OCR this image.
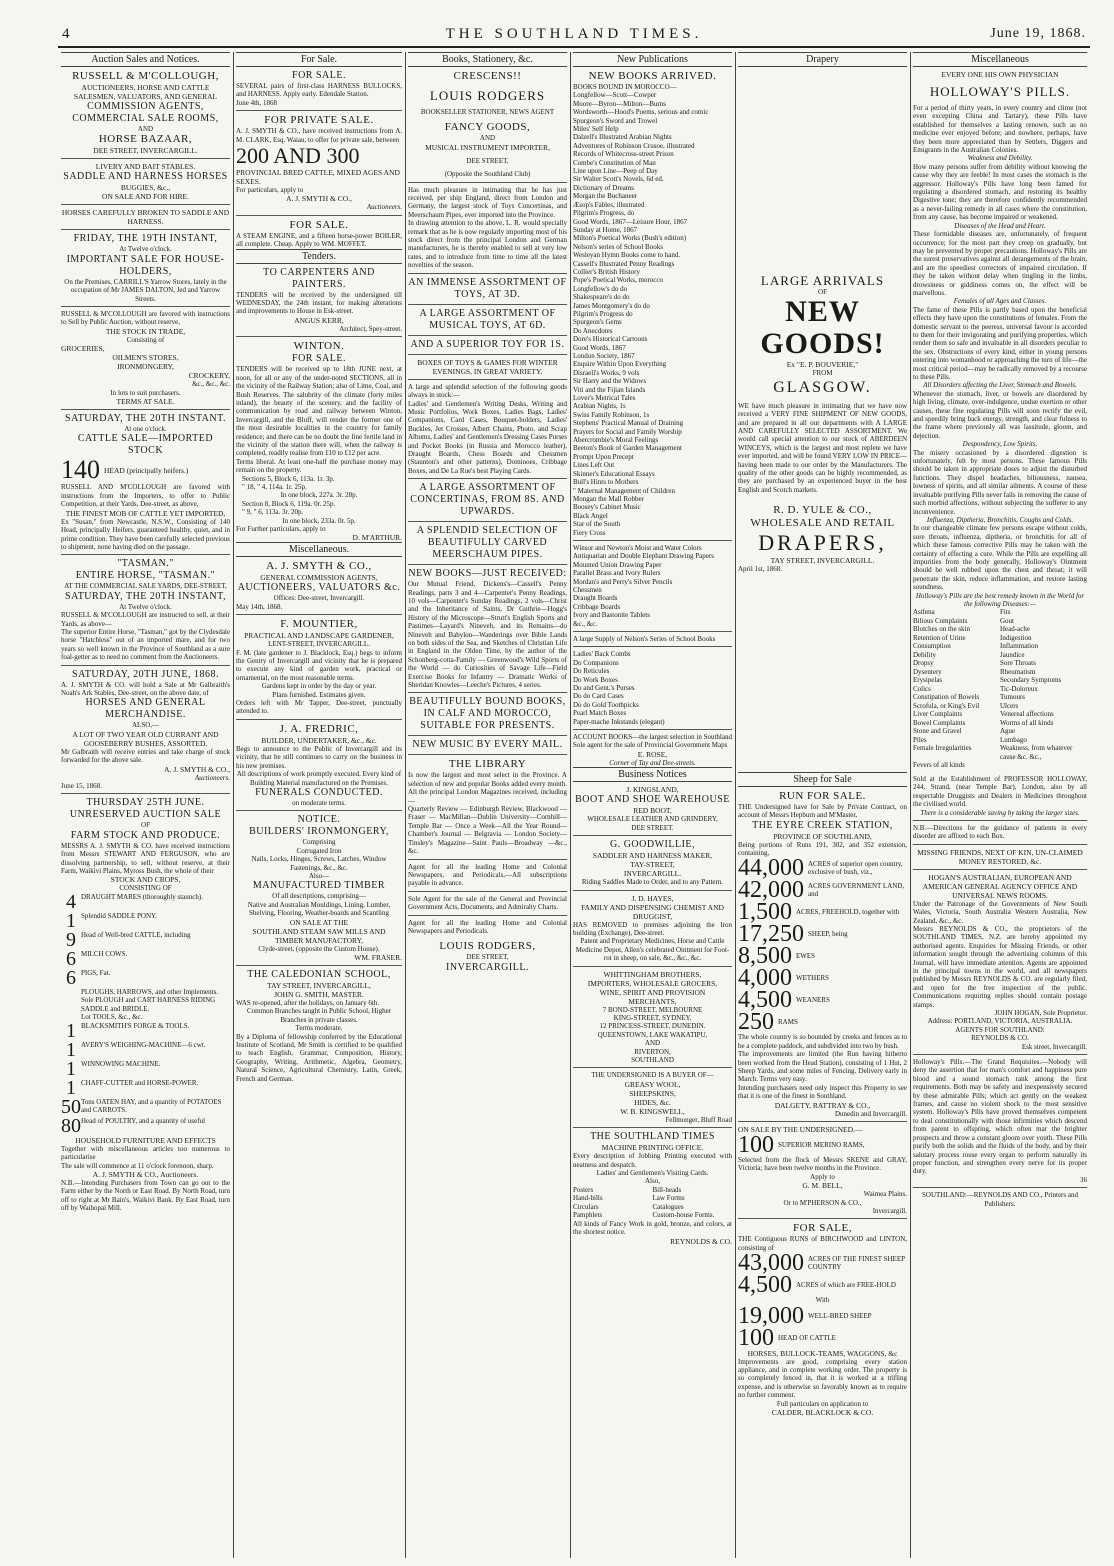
4	THE SOUTHLAND TIMES.	June 19, 1868.
Auction Sales and Notices.
RUSSELL & M'COLLOUGH,

AUCTIONEERS, HORSE AND CATTLE SALESMEN, VALUATORS, AND GENERAL

COMMISSION AGENTS,
COMMERCIAL SALE ROOMS,

AND

HORSE BAZAAR,

DEE STREET, INVERCARGILL.

LIVERY AND BAIT STABLES.

SADDLE AND HARNESS HORSES

BUGGIES, &c.,

ON SALE AND FOR HIRE.

HORSES CAREFULLY BROKEN TO SADDLE AND HARNESS.

FRIDAY, THE 19TH INSTANT,

At Twelve o'clock.

IMPORTANT SALE FOR HOUSE-HOLDERS,

On the Premises, CARRILL'S Yarrow Stores, lately in the occupation of Mr JAMES DALTON, Jed and Yarrow Streets.

RUSSELL & M'COLLOUGH are favored with instructions to Sell by Public Auction, without reserve,

THE STOCK IN TRADE,

Consisting of

GROCERIES,

OILMEN'S STORES,

IRONMONGERY,

CROCKERY,

&c., &c., &c.

In lots to suit purchasers.

TERMS AT SALE.

SATURDAY, THE 20TH INSTANT.

At one o'clock.

CATTLE SALE—IMPORTED STOCK
140 HEAD (principally heifers.)

RUSSELL AND M'COLLOUGH are favored with instructions from the Importers, to offer to Public Competition, at their Yards, Dee-street, as above,

THE FINEST MOB OF CATTLE YET IMPORTED,

Ex "Susan," from Newcastle, N.S.W., Consisting of 140 Head, principally Heifers, guaranteed healthy, quiet, and in prime condition. They have been carefully selected previous to shipment, none having died on the passage.

"TASMAN."
ENTIRE HORSE, "TASMAN."

AT THE COMMERCIAL SALE YARDS, DEE-STREET,

SATURDAY, THE 20TH INSTANT,

At Twelve o'clock.

RUSSELL & M'COLLOUGH are instructed to sell, at their Yards, as above—

The superior Entire Horse, "Tasman," got by the Clydesdale horse "Hatchless" out of an imported mare, and for two years so well known in the Province of Southland as a sure foal-getter as to need no comment from the Auctioneers.

SATURDAY, 20TH JUNE, 1868.

A. J. SMYTH & CO. will hold a Sale at Mr Galbraith's Noah's Ark Stables, Dee-street, on the above date, of

HORSES AND GENERAL MERCHANDISE.

ALSO,—

A LOT OF TWO YEAR OLD CURRANT AND GOOSEBERRY BUSHES, ASSORTED.

Mr Galbraith will receive entries and take charge of stock forwarded for the above sale.

A. J. SMYTH & CO.,

Auctioneers.

June 15, 1868.

THURSDAY 25TH JUNE.
UNRESERVED AUCTION SALE

OF

FARM STOCK AND PRODUCE.

MESSRS A. J. SMYTH & CO. have received instructions from Messrs STEWART AND FERGUSON, who are dissolving partnership, to sell, without reserve, at their Farm, Waikivi Plains, Myross Bush, the whole of their

STOCK AND CROPS,

CONSISTING OF

4 DRAUGHT MARES (thoroughly staunch).
1 Splendid SADDLE PONY.
9 Head of Well-bred CATTLE, including
6 MILCH COWS.
6 PIGS, Fat.
PLOUGHS, HARROWS, and other Implements.
Sole PLOUGH and CART HARNESS RIDING SADDLE and BRIDLE.
Lot TOOLS, &c., &c.
1 BLACKSMITH'S FORGE & TOOLS.
1 AVERY'S WEIGHING-MACHINE—6 cwt.
1 WINNOWING MACHINE.
1 CHAFF-CUTTER and HORSE-POWER.
50 Tons OATEN HAY, and a quantity of POTATOES and CARROTS.
80 Head of POULTRY, and a quantity of useful

HOUSEHOLD FURNITURE AND EFFECTS

Together with miscellaneous articles too numerous to particularise

The sale will commence at 11 o'clock forenoon, sharp.

A. J. SMYTH & CO., Auctioneers.

N.B.—Intending Purchasers from Town can go out to the Farm either by the North or East Road. By North Road, turn off to right at Mr Bain's, Waikivi Bank. By East Road, turn off by Waihopai Mill.

For Sale.
FOR SALE.

SEVERAL pairs of first-class HARNESS BULLOCKS, and HARNESS. Apply early. Edendale Station.

June 4th, 1868

FOR PRIVATE SALE.

A. J. SMYTH & CO., have received instructions from A. M. CLARK, Esq. Waiau, to offer for private sale, between

200 AND 300

PROVINCIAL BRED CATTLE, MIXED AGES AND SEXES.

For particulars, apply to

A. J. SMYTH & CO.,

Auctioneers.

FOR SALE.

A STEAM ENGINE, and a fifteen horse-power BOILER, all complete. Cheap. Apply to WM. MOFFET.

Tenders.
TO CARPENTERS AND PAINTERS.

TENDERS will be received by the undersigned till WEDNESDAY, the 24th instant, for making alterations and improvements to House in Esk-street.

ANGUS KERR,

Architect, Spey-street.

WINTON.
FOR SALE.

TENDERS will be received up to 18th JUNE next, at noon, for all or any of the under-noted SECTIONS, all in the vicinity of the Railway Station; also of Lime, Coal, and Bush Reserves. The salubrity of the climate (forty miles inland), the beauty of the scenery, and the facility of communication by road and railway between Winton, Invercargill, and the Bluff, will render the former one of the most desirable localities in the country for family residence; and there can be no doubt the fine fertile land in the vicinity of the station there will, when the railway is completed, readily realise from £10 to £12 per acre.

Terms liberal. At least one-half the purchase money may remain on the property.

Sections 5, Block 6, 113a. 1r. 3p.

" 18, " 4, 114a. 1r. 25p.

In one block, 227a. 3r. 28p.

Section 8, Block 6, 119a. 0r. 25p.

" 9, " 6, 113a. 3r. 20p.

In one block, 233a. 0r. 5p.

For Further particulars, apply to

D. M'ARTHUR.

Miscellaneous.
A. J. SMYTH & CO.,

GENERAL COMMISSION AGENTS,

AUCTIONEERS, VALUATORS &c.

Offices: Dee-street, Invercargill.

May 14th, 1868.

F. MOUNTIER,

PRACTICAL AND LANDSCAPE GARDENER,

LENT-STREET, INVERCARGILL.

F. M. (late gardener to J. Blacklock, Esq.) begs to inform the Gentry of Invercargill and vicinity that he is prepared to execute any kind of garden work, practical or ornamental, on the most reasonable terms.

Gardens kept in order by the day or year.

Plans furnished. Estimates given.

Orders left with Mr Tapper, Dee-street, punctually attended to.

J. A. FREDRIC,

BUILDER, UNDERTAKER, &c., &c.

Begs to announce to the Public of Invercargill and its vicinity, that he still continues to carry on the business in his new premises.

All descriptions of work promptly executed. Every kind of Building Material manufactured on the Premises.

FUNERALS CONDUCTED.

on moderate terms.

NOTICE.
BUILDERS' IRONMONGERY,

Comprising

Corrugated Iron

Nails, Locks, Hinges, Screws, Latches, Window Fastenings, &c., &c.

Also—

MANUFACTURED TIMBER

Of all descriptions, comprising—

Native and Australian Mouldings, Lining, Lumber, Shelving, Flooring, Weather-boards and Scantling

ON SALE AT THE

SOUTHLAND STEAM SAW MILLS AND

TIMBER MANUFACTORY,

Clyde-street, (opposite the Custom House).

WM. FRASER.

THE CALEDONIAN SCHOOL,

TAY STREET, INVERCARGILL,

JOHN G. SMITH, MASTER.

WAS re-opened, after the holidays, on January 6th.

Common Branches taught in Public School, Higher Branches in private classes.

Terms moderate.

By a Diploma of fellowship conferred by the Educational Institute of Scotland, Mr Smith is certified to be qualified to teach English, Grammar, Composition, History, Geography, Writing, Arithmetic, Algebra, Geometry, Natural Science, Agricultural Chemistry, Latin, Greek, French and German.

Books, Stationery, &c.
CRESCENS!!
LOUIS RODGERS

BOOKSELLER STATIONER, NEWS AGENT

FANCY GOODS,

AND

MUSICAL INSTRUMENT IMPORTER,

DEE STREET,

(Opposite the Southland Club)

Has much pleasure in intimating that he has just received, per ship England, direct from London and Germany, the largest stock of Toys Concertinas, and Meerschaum Pipes, ever imported into the Province.

In drawing attention to the above, L. R. would specially remark that as he is now regularly importing most of his stock direct from the principal London and German manufacturers, he is thereby enabled to sell at very low rates, and to introduce from time to time all the latest novelties of the season.

AN IMMENSE ASSORTMENT OF TOYS, AT 3D.
A LARGE ASSORTMENT OF MUSICAL TOYS, AT 6D.
AND A SUPERIOR TOY FOR 1S.

BOXES OF TOYS & GAMES FOR WINTER EVENINGS, IN GREAT VARIETY.

A large and splendid selection of the following goods always in stock:—

Ladies' and Gentlemen's Writing Desks, Writing and Music Portfolios, Work Boxes, Ladies Bags, Ladies' Companions, Card Cases, Bouquet-holders, Ladies' Buckles, Jet Crosses, Albert Chains, Photo. and Scrap Albums, Ladies' and Gentlemen's Dressing Cases Purses and Pocket Books (in Russia and Morocco leather), Draught Boards, Chess Boards and Chessmen (Staunton's and other patterns), Dominoes, Cribbage Boxes, and De La Rue's best Playing Cards.

A LARGE ASSORTMENT OF CONCERTINAS, FROM 8S. AND UPWARDS.
A SPLENDID SELECTION OF BEAUTIFULLY CARVED MEERSCHAUM PIPES.
NEW BOOKS—JUST RECEIVED:

Our Mutual Friend, Dickens's—Cassell's Penny Readings, parts 3 and 4—Carpenter's Penny Readings, 10 vols—Carpenter's Sunday Readings, 2 vols—Christ and the Inheritance of Saints, Dr Guthrie—Hogg's History of the Microscope—Strutt's English Sports and Pastimes—Layard's Nineveh, and its Remains—do Nineveh and Babylon—Wanderings over Bible Lands on both sides of the Sea, and Sketches of Christian Life in England in the Olden Time, by the author of the Schonberg-cotta-Family — Greenwood's Wild Sports of the World — do Curiosities of Savage Life—Field Exercise Books for Infantry — Dramatic Works of Sheridan Knowles—Leeche's Pictures, 4 series.

BEAUTIFULLY BOUND BOOKS, IN CALF AND MOROCCO, SUITABLE FOR PRESENTS.
NEW MUSIC BY EVERY MAIL.
THE LIBRARY

Is now the largest and most select in the Province. A selection of new and popular Books added every month. All the principal London Magazines received, including—

Quarterly Review — Edinburgh Review, Blackwood — Fraser — MacMillan—Dublin University—Cornhill—Temple Bar — Once a Week—All the Year Round—Chamber's Journal — Belgravia — London Society—Tinsley's Magazine—Saint Pauls—Broadway —&c., &c.

Agent for all the leading Home and Colonial Newspapers, and Periodicals,—All subscriptions payable in advance.

Sole Agent for the sale of the General and Provincial Government Acts, Documents, and Admiralty Charts.

Agent for all the leading Home and Colonial Newspapers and Periodicals.

LOUIS RODGERS,

DEE STREET,

INVERCARGILL.
New Publications
NEW BOOKS ARRIVED.

BOOKS BOUND IN MOROCCO—

Longfellow—Scott—Cowper

Moore—Byron—Milton—Burns

Wordsworth—Hood's Poems, serious and comic

Spurgeon's Sword and Trowel

Miles' Self Help

Dalzell's Illustrated Arabian Nights

Adventures of Robinson Crusoe, illustrated

Records of Whitecross-street Prison

Combe's Constitution of Man

Line upon Line—Peep of Day

Sir Walter Scott's Novels, 6d ed.

Dictionary of Dreams

Morgan the Buchaneer

Æsop's Fables, illustrated

Pilgrim's Progress, do

Good Words, 1867—Leisure Hour, 1867

Sunday at Home, 1867

Milton's Poetical Works (Bush's edition)

Nelson's series of School Books

Wesleyan Hymn Books come to hand.

Cassell's Illustrated Penny Readings

Collier's British History

Pope's Poetical Works, morocco

Longfellow's do do

Shakespeare's do do

James Montgomery's do do

Pilgrim's Progress do

Spurgeon's Gems

Do Anecdotes

Dore's Historical Cartoons

Good Words, 1867

London Society, 1867

Enquire Within Upon Everything

Disraeli's Works, 9 vols

Sir Harry and the Widows

Viti and the Fijian Islands

Lover's Metrical Tales

Arabian Nights, 1s

Swiss Family Robinson, 1s

Stephens' Practical Manual of Draining

Prayers for Social and Family Worship

Abercrombie's Moral Feelings

Beeton's Book of Garden Management

Prompt Upon Precept

Lines Left Out

Skinner's Educational Essays

Bull's Hints to Mothers

" Maternal Management of Children

Mongan the Mall Robber

Boosey's Cabinet Music

Black Angel

Star of the South

Fiery Cross

Winsor and Newton's Moist and Water Colors

Antiquarian and Double Elephant Drawing Papers

Mounted Union Drawing Paper

Parallel Brass and Ivory Rulers

Mordan's and Perry's Silver Pencils

Chessmen

Draught Boards

Cribbage Boards

Ivory and Bastonite Tablets

&c., &c.

A large Supply of Nelson's Series of School Books

Ladies' Back Combs

Do Companions

Do Reticules

Do Work Boxes

Do and Gent.'s Purses

Do do Card Cases

Do do Gold Toothpicks

Pearl Match Boxes

Paper-mache Inkstands (elegant)

ACCOUNT BOOKS—the largest selection in Southland

Sole agent for the sale of Provincial Government Maps

E. ROSE,

Corner of Tay and Dee-streets.

Business Notices

J. KINGSLAND,

BOOT AND SHOE WAREHOUSE

RED BOOT,

WHOLESALE LEATHER AND GRINDERY,

DEE STREET.

G. GOODWILLIE,

SADDLER AND HARNESS MAKER,

TAY-STREET,

INVERCARGILL.

Riding Saddles Made to Order, and to any Pattern.

J. D. HAYES,

FAMILY AND DISPENSING CHEMIST AND DRUGGIST,

HAS REMOVED to premises adjoining the Iron building (Exchange), Dee-street.

Patent and Proprietary Medicines, Horse and Cattle Medicine Depot, Allen's celebrated Ointment for Foot-rot in sheep, on sale, &c., &c., &c.

WHITTINGHAM BROTHERS,

IMPORTERS, WHOLESALE GROCERS,

WINE, SPIRIT AND PROVISION

MERCHANTS,

7 BOND-STREET, MELBOURNE

KING-STREET, SYDNEY.

12 PRINCESS-STREET, DUNEDIN.

QUEENSTOWN, LAKE WAKATIPU,

AND

RIVERTON,

SOUTHLAND

THE UNDERSIGNED IS A BUYER OF—

GREASY WOOL,

SHEEPSKINS,

HIDES, &c.

W. B. KINGSWELL,

Fellmonger, Bluff Road

THE SOUTHLAND TIMES

MACHINE PRINTING OFFICE.

Every description of Jobbing Printing executed with neatness and despatch.

Ladies' and Gentlemen's Visiting Cards.

Also,

Posters	Bill-heads
Hand-bills	Law Forms
Circulars	Catalogues
Pamphlets	Custom-house Forms.

All kinds of Fancy Work in gold, bronze, and colors, at the shortest notice.

REYNOLDS & CO.

Drapery
LARGE ARRIVALS

OF

NEW GOODS!

Ex "E. P. BOUVERIE,"

FROM

GLASGOW.

WE have much pleasure in intimating that we have now received a VERY FINE SHIPMENT OF NEW GOODS, and are prepared in all our departments with A LARGE AND CAREFULLY SELECTED ASSORTMENT. We would call special attention to our stock of ABERDEEN WINCEYS, which is the largest and most replete we have ever imported, and will be found VERY LOW IN PRICE—having been made to our order by the Manufacturers. The quality of the other goods can be highly recommended, as they are purchased by an experienced buyer in the best English and Scotch markets.

R. D. YULE & CO.,
WHOLESALE AND RETAIL
DRAPERS,

TAY STREET, INVERCARGILL.

April 1st, 1868.

Sheep for Sale
RUN FOR SALE.

THE Undersigned have for Sale by Private Contract, on account of Messrs Hepburn and M'Master,

THE EYRE CREEK STATION,

PROVINCE OF SOUTHLAND,

Being portions of Runs 191, 302, and 352 extension, containing,

44,000 ACRES of superior open country, exclusive of bush, viz.,
42,000 ACRES GOVERNMENT LAND, and
1,500 ACRES, FREEHOLD, together with
17,250 SHEEP, being
8,500 EWES
4,000 WETHERS
4,500 WEANERS
250 RAMS

The whole country is so bounded by creeks and fences as to be a complete paddock, and subdivided into two by bush.

The improvements are limited (the Run having hitherto been worked from the Head Station), consisting of 1 Hut, 2 Sheep Yards, and some miles of Fencing. Delivery early in March. Terms very easy.

Intending purchasers need only inspect this Property to see that it is one of the finest in Southland.

DALGETY, RATTRAY & CO.,

Dunedin and Invercargill.

ON SALE BY THE UNDERSIGNED.—

100 SUPERIOR MERINO RAMS,

Selected from the flock of Messrs SKENE and GRAY, Victoria; have been twelve months in the Province.

Apply to

G. M. BELL,

Waimea Plains.

Or to M'PHERSON & CO.,

Invercargill.

FOR SALE,

THE Contiguous RUNS of BIRCHWOOD and LINTON, consisting of

43,000 ACRES OF THE FINEST SHEEP COUNTRY
4,500 ACRES of which are FREE-HOLD

With

19,000 WELL-BRED SHEEP
100 HEAD OF CATTLE

HORSES, BULLOCK-TEAMS, WAGGONS, &c

Improvements are good, comprising every station appliance, and in complete working order. The property is so completely fenced in, that it is worked at a trifling expense, and is otherwise so favorably known as to require no further comment.

Full particulars on application to

CALDER, BLACKLOCK & CO.

Miscellaneous

EVERY ONE HIS OWN PHYSICIAN

HOLLOWAY'S PILLS.

For a period of thirty years, in every country and clime (not even excepting China and Tartary), these Pills have established for themselves a lasting renown, such as no medicine ever enjoyed before; and nowhere, perhaps, have they been more appreciated than by Settlers, Diggers and Emigrants in the Australian Colonies.

Weakness and Debility.

How many persons suffer from debility without knowing the cause why they are feeble! In most cases the stomach is the aggressor. Holloway's Pills have long been famed for regulating a disordered stomach, and restoring its healthy Digestive tone; they are therefore confidently recommended as a never-failing remedy in all cases where the constitution, from any cause, has become impaired or weakened.

Diseases of the Head and Heart.

These formidable diseases are, unfortunately, of frequent occurrence; for the most part they creep on gradually, but may be prevented by proper precautions. Holloway's Pills are the surest preservatives against all derangements of the brain, and are the speediest correctors of impaired circulation. If they be taken without delay when tingling in the limbs, drowsiness or giddiness comes on, the effect will be marvellous.

Females of all Ages and Classes.

The fame of these Pills is partly based upon the beneficial effects they have upon the constitutions of females. From the domestic servant to the peeress, universal favour is accorded to them for their invigorating and purifying properties, which render them so safe and invaluable in all disorders peculiar to the sex. Obstructions of every kind, either in young persons entering into womanhood or approaching the turn of life—the most critical period—may be radically removed by a recourse to these Pills.

All Disorders affecting the Liver, Stomach and Bowels.

Whenever the stomach, liver, or bowels are disordered by high living, climate, over-indulgence, undue exertion or other causes, these fine regulating Pills will soon rectify the evil, and speedily bring back energy, strength, and clear fulness to the frame where previously all was lassitude, gloom, and dejection.

Despondency, Low Spirits.

The misery occasioned by a disordered digestion is unfortunately, felt by most persons. These famous Pills should be taken in appropriate doses to adjust the disturbed functions. They dispel headaches, biliousness, nausea, lowness of spirits, and all similar ailments. A course of these invaluable purifying Pills never fails in removing the cause of such morbid affections, without subjecting the sufferer to any inconvenience.

Influenza, Diptheria, Bronchitis, Coughs and Colds.

In our changeable climate few persons escape without colds, sore throats, influenza, diptheria, or bronchitis for all of which these famous corrective Pills may be taken with the certainty of effecting a cure. While the Pills are expelling all impurities from the body generally, Holloway's Ointment should be well rubbed upon the chest and throat; it will penetrate the skin, reduce inflammation, and restore lasting soundness.

Holloway's Pills are the best remedy known in the World for the following Diseases:—

Asthma	Fits
Bilious Complaints	Gout
Blotches on the skin	Head-ache
Retention of Urine	Indigestion
Consumption	Inflammation
Debility	Jaundice
Dropsy	Sore Throats
Dysentery	Rheumatism
Erysipelas	Secondary Symptoms
Colics	Tic-Doloreux
Constipation of Bowels	Tumours
Scrofula, or King's Evil	Ulcers
Liver Complaints	Venereal affections
Bowel Complaints	Worms of all kinds
Stone and Gravel	Ague
Piles	Lumbago
Female Irregularities	Weakness, from whatever cause &c. &c.,
Fevers of all kinds

Sold at the Establishment of PROFESSOR HOLLOWAY, 244, Strand, (near Temple Bar), London, also by all respectable Druggists and Dealers in Medicines throughout the civilised world.

There is a considerable saving by taking the larger sizes.

N.B.—Directions for the guidance of patients in every disorder are affixed to each Box.

MISSING FRIENDS, NEXT OF KIN, UN-CLAIMED MONEY RESTORED, &c.

HOGAN'S AUSTRALIAN, EUROPEAN AND AMERICAN GENERAL AGENCY OFFICE AND UNIVERSAL NEWS ROOMS.

Under the Patronage of the Governments of New South Wales, Victoria, South Australia Western Australia, New Zealand, &c., &c.

Messrs REYNOLDS & CO., the proprietors of the SOUTHLAND TIMES, N.Z. are hereby appointed my authorised agents. Enquiries for Missing Friends, or other information sought through the advertising columns of this Journal, will have immediate attention. Agents are appointed in the principal towns in the world, and all newspapers published by Messrs REYNOLDS & CO. are regularly filed, and open for the free inspection of the public. Communications requiring replies should contain postage stamps.

JOHN HOGAN, Sole Proprietor.

Address: PORTLAND, VICTORIA, AUSTRALIA.

AGENTS FOR SOUTHLAND:

REYNOLDS & CO.

Esk street, Invercargill.

Holloway's Pills.—The Grand Requisites.—Nobody will deny the assertion that for man's comfort and happiness pure blood and a sound stomach rank among the first requirements. Both may be safely and inexpensively secured by these admirable Pills; which act gently on the weakest frames, and cause no violent shock to the most sensitive system. Holloway's Pills have proved themselves competent to deal constitutionally with those infirmities which descend from parent to offspring, which often mar the brighter prospects and throw a constant gloom over youth. These Pills purify both the solids and the fluids of the body, and by their salutary process rouse every organ to perform naturally its proper function, and strengthen every nerve for its proper duty.

36

SOUTHLAND:—REYNOLDS AND CO., Printers and Publishers.
